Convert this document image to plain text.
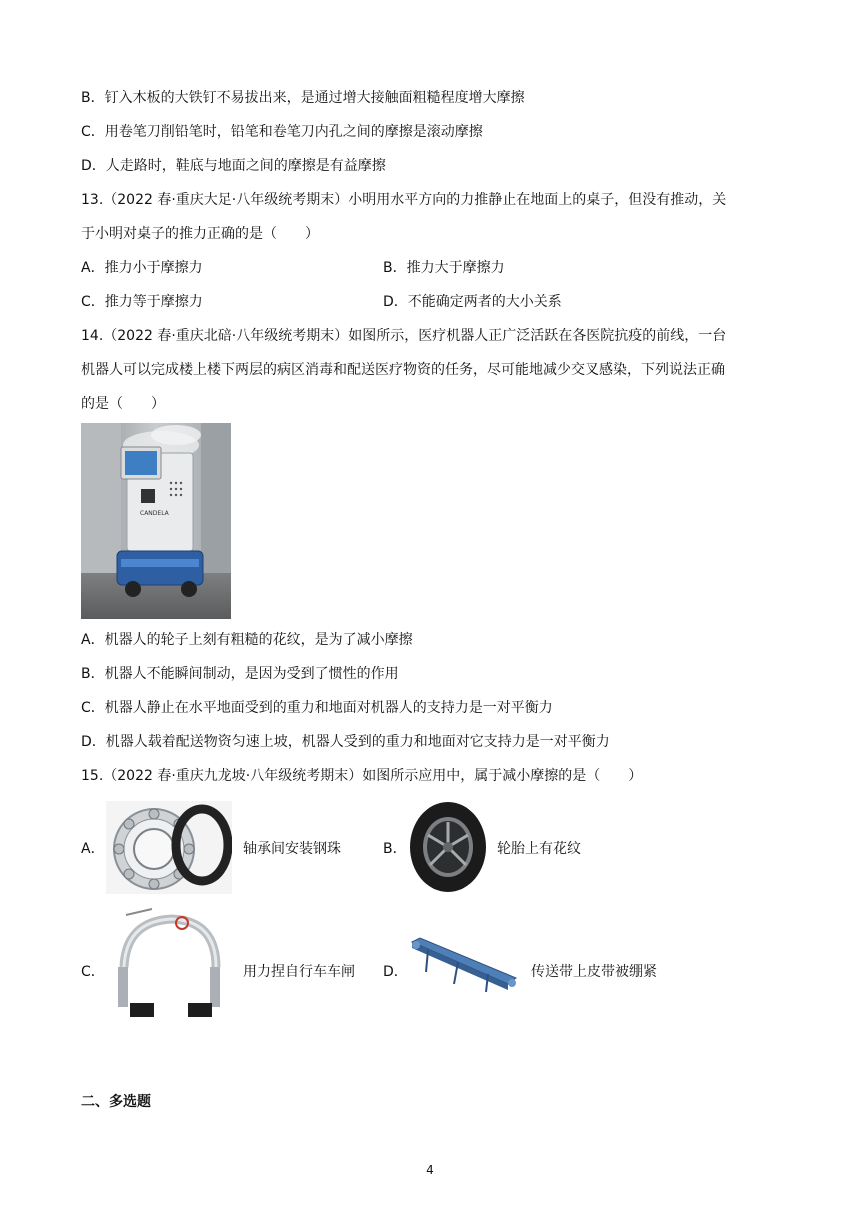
B．钉入木板的大铁钉不易拔出来，是通过增大接触面粗糙程度增大摩擦
C．用卷笔刀削铅笔时，铅笔和卷笔刀内孔之间的摩擦是滚动摩擦
D．人走路时，鞋底与地面之间的摩擦是有益摩擦
13.（2022 春·重庆大足·八年级统考期末）小明用水平方向的力推静止在地面上的桌子，但没有推动，关
于小明对桌子的推力正确的是（　　）
A．推力小于摩擦力	B．推力大于摩擦力
C．推力等于摩擦力	D．不能确定两者的大小关系
14.（2022 春·重庆北碚·八年级统考期末）如图所示，医疗机器人正广泛活跃在各医院抗疫的前线，一台
机器人可以完成楼上楼下两层的病区消毒和配送医疗物资的任务，尽可能地减少交叉感染，下列说法正确
的是（　　）
CANDELA
A．机器人的轮子上刻有粗糙的花纹，是为了减小摩擦
B．机器人不能瞬间制动，是因为受到了惯性的作用
C．机器人静止在水平地面受到的重力和地面对机器人的支持力是一对平衡力
D．机器人载着配送物资匀速上坡，机器人受到的重力和地面对它支持力是一对平衡力
15.（2022 春·重庆九龙坡·八年级统考期末）如图所示应用中，属于减小摩擦的是（　　）
A．	轴承间安装钢珠	B．	轮胎上有花纹
C．	用力捏自行车车闸 D．	传送带上皮带被绷紧
二、多选题
4
